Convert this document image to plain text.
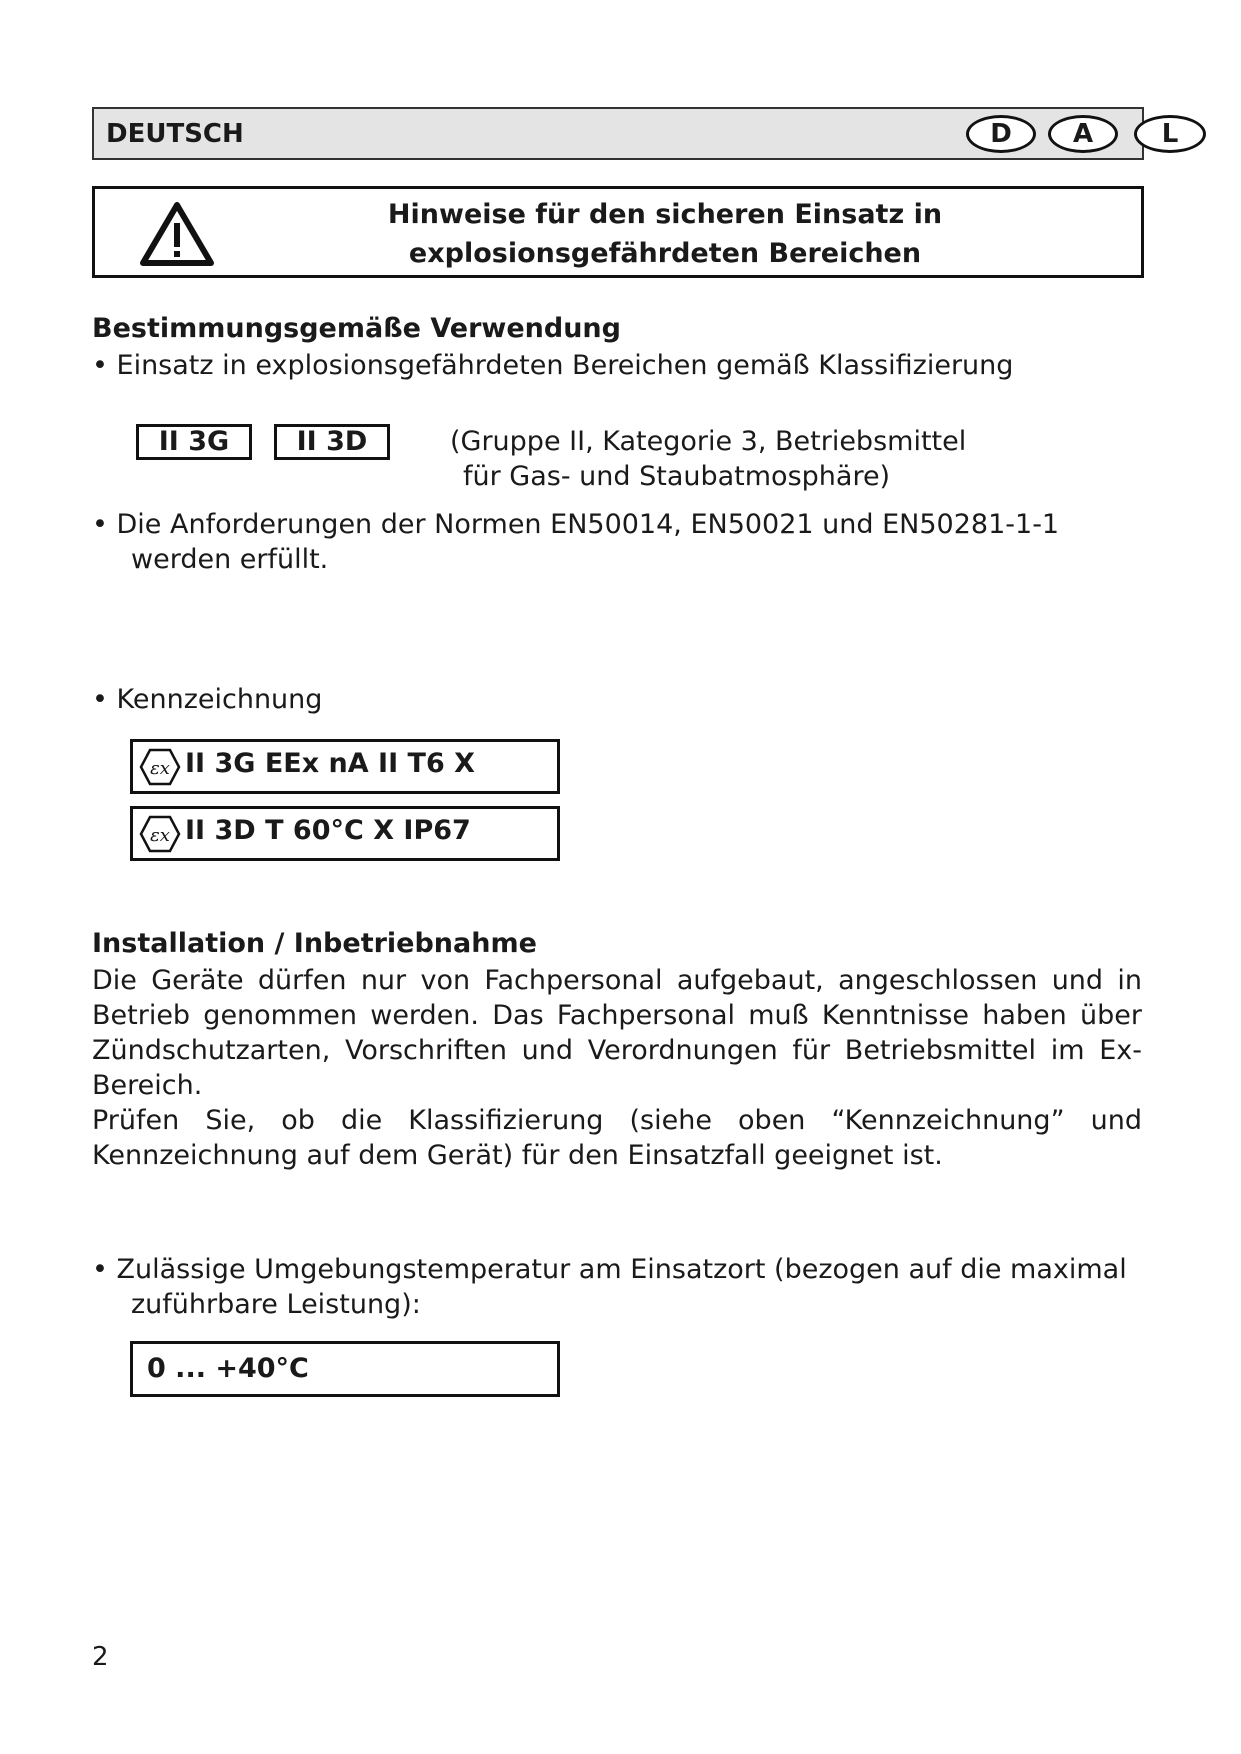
DEUTSCH	D	A	L
Hinweise für den sicheren Einsatz in
explosionsgefährdeten Bereichen
Bestimmungsgemäße Verwendung
• Einsatz in explosionsgefährdeten Bereichen gemäß Klassifizierung
II 3G	II 3D	(Gruppe II, Kategorie 3, Betriebsmittel
für Gas- und Staubatmosphäre)
• Die Anforderungen der Normen EN50014, EN50021 und EN50281-1-1
werden erfüllt.
• Kennzeichnung
εx II 3G EEx nA II T6 X
εx II 3D T 60°C X IP67
Installation / Inbetriebnahme
Die Geräte dürfen nur von Fachpersonal aufgebaut, angeschlossen und in Betrieb genommen werden. Das Fachpersonal muß Kenntnisse haben über Zündschutzarten, Vorschriften und Verordnungen für Betriebsmittel im Ex-Bereich.
Prüfen Sie, ob die Klassifizierung (siehe oben “Kennzeichnung” und Kennzeichnung auf dem Gerät) für den Einsatzfall geeignet ist.
• Zulässige Umgebungstemperatur am Einsatzort (bezogen auf die maximal
zuführbare Leistung):
0 ... +40°C
2
